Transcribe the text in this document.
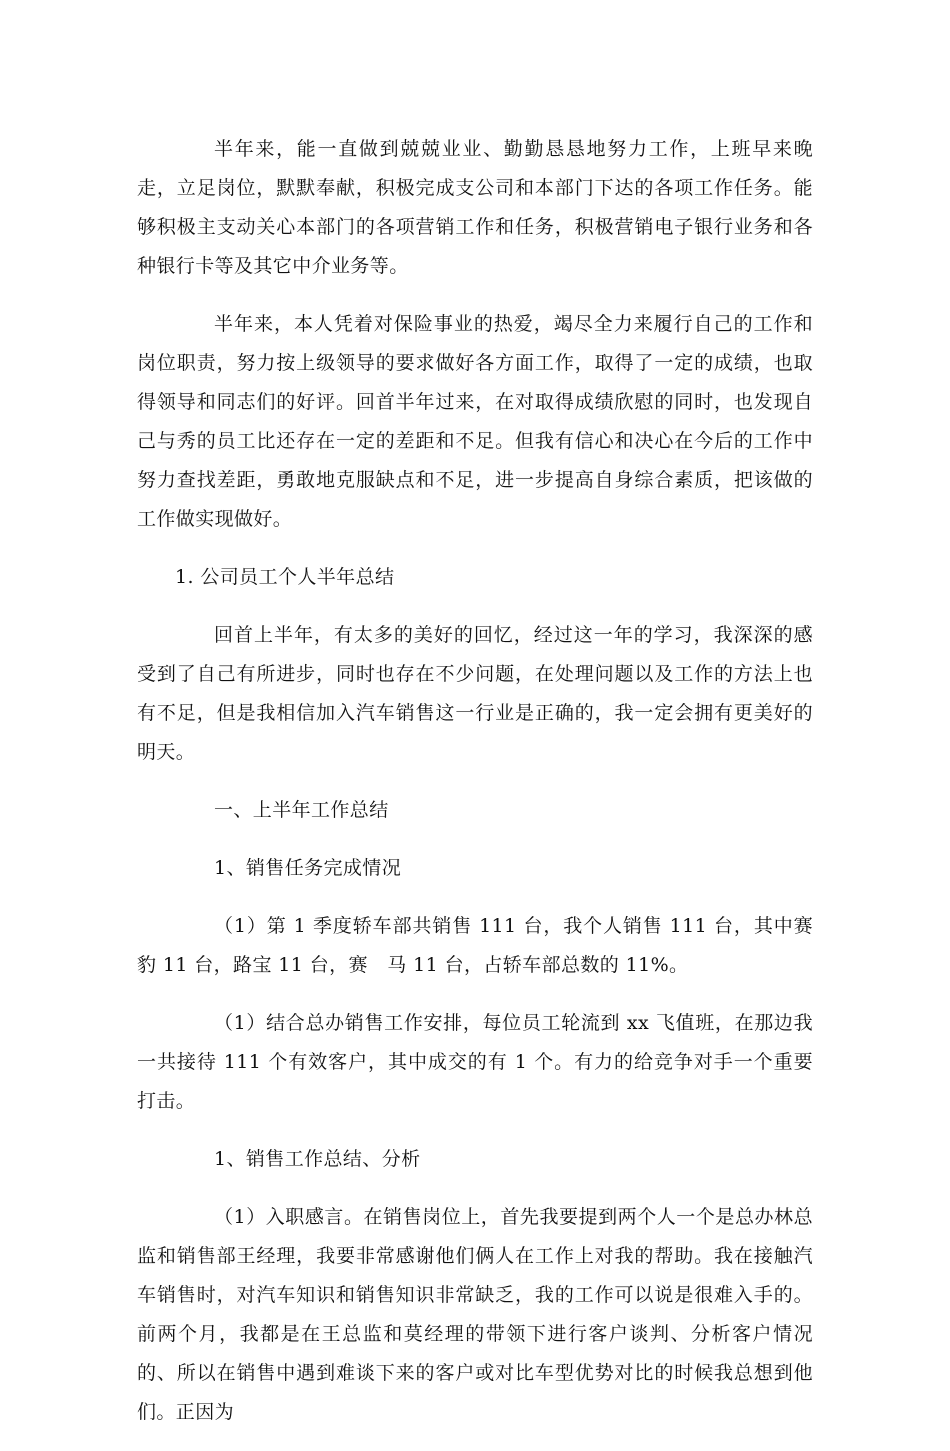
半年来，能一直做到兢兢业业、勤勤恳恳地努力工作，上班早来晚走，立足岗位，默默奉献，积极完成支公司和本部门下达的各项工作任务。能够积极主支动关心本部门的各项营销工作和任务，积极营销电子银行业务和各种银行卡等及其它中介业务等。

半年来，本人凭着对保险事业的热爱，竭尽全力来履行自己的工作和岗位职责，努力按上级领导的要求做好各方面工作，取得了一定的成绩，也取得领导和同志们的好评。回首半年过来，在对取得成绩欣慰的同时，也发现自己与秀的员工比还存在一定的差距和不足。但我有信心和决心在今后的工作中努力查找差距，勇敢地克服缺点和不足，进一步提高自身综合素质，把该做的工作做实现做好。

1. 公司员工个人半年总结

回首上半年，有太多的美好的回忆，经过这一年的学习，我深深的感受到了自己有所进步，同时也存在不少问题，在处理问题以及工作的方法上也有不足，但是我相信加入汽车销售这一行业是正确的，我一定会拥有更美好的明天。

一、上半年工作总结

1、销售任务完成情况

（1）第 1 季度轿车部共销售 111 台，我个人销售 111 台，其中赛豹 11 台，路宝 11 台，赛　马 11 台，占轿车部总数的 11%。

（1）结合总办销售工作安排，每位员工轮流到 xx 飞值班，在那边我一共接待 111 个有效客户，其中成交的有 1 个。有力的给竞争对手一个重要打击。

1、销售工作总结、分析

（1）入职感言。在销售岗位上，首先我要提到两个人一个是总办林总监和销售部王经理，我要非常感谢他们俩人在工作上对我的帮助。我在接触汽车销售时，对汽车知识和销售知识非常缺乏，我的工作可以说是很难入手的。前两个月，我都是在王总监和莫经理的带领下进行客户谈判、分析客户情况的、所以在销售中遇到难谈下来的客户或对比车型优势对比的时候我总想到他们。正因为
